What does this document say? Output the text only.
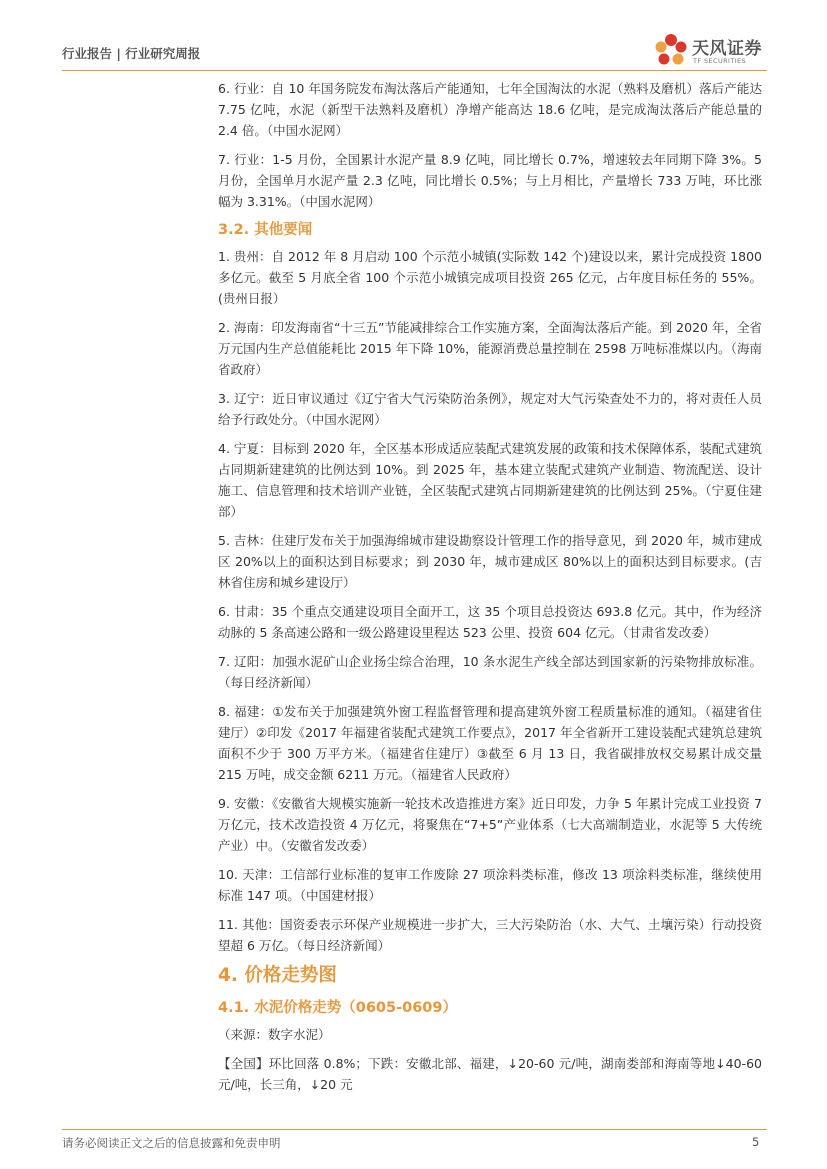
行业报告 | 行业研究周报	天风证券
TF SECURITIES
6. 行业：自 10 年国务院发布淘汰落后产能通知，七年全国淘汰的水泥（熟料及磨机）落后产能达 7.75 亿吨，水泥（新型干法熟料及磨机）净增产能高达 18.6 亿吨，是完成淘汰落后产能总量的 2.4 倍。（中国水泥网）
7. 行业：1-5 月份，全国累计水泥产量 8.9 亿吨，同比增长 0.7%，增速较去年同期下降 3%。5 月份，全国单月水泥产量 2.3 亿吨，同比增长 0.5%；与上月相比，产量增长 733 万吨，环比涨幅为 3.31%。（中国水泥网）
3.2. 其他要闻
1. 贵州：自 2012 年 8 月启动 100 个示范小城镇(实际数 142 个)建设以来，累计完成投资 1800 多亿元。截至 5 月底全省 100 个示范小城镇完成项目投资 265 亿元，占年度目标任务的 55%。(贵州日报）
2. 海南：印发海南省“十三五”节能减排综合工作实施方案，全面淘汰落后产能。到 2020 年，全省万元国内生产总值能耗比 2015 年下降 10%，能源消费总量控制在 2598 万吨标准煤以内。（海南省政府）
3. 辽宁：近日审议通过《辽宁省大气污染防治条例》，规定对大气污染查处不力的，将对责任人员给予行政处分。（中国水泥网）
4. 宁夏：目标到 2020 年，全区基本形成适应装配式建筑发展的政策和技术保障体系，装配式建筑占同期新建建筑的比例达到 10%。到 2025 年，基本建立装配式建筑产业制造、物流配送、设计施工、信息管理和技术培训产业链，全区装配式建筑占同期新建建筑的比例达到 25%。（宁夏住建部）
5. 吉林：住建厅发布关于加强海绵城市建设勘察设计管理工作的指导意见，到 2020 年，城市建成区 20%以上的面积达到目标要求；到 2030 年，城市建成区 80%以上的面积达到目标要求。(吉林省住房和城乡建设厅）
6. 甘肃：35 个重点交通建设项目全面开工，这 35 个项目总投资达 693.8 亿元。其中，作为经济动脉的 5 条高速公路和一级公路建设里程达 523 公里、投资 604 亿元。（甘肃省发改委）
7. 辽阳：加强水泥矿山企业扬尘综合治理，10 条水泥生产线全部达到国家新的污染物排放标准。（每日经济新闻）
8. 福建：①发布关于加强建筑外窗工程监督管理和提高建筑外窗工程质量标准的通知。（福建省住建厅）②印发《2017 年福建省装配式建筑工作要点》，2017 年全省新开工建设装配式建筑总建筑面积不少于 300 万平方米。（福建省住建厅）③截至 6 月 13 日，我省碳排放权交易累计成交量 215 万吨，成交金额 6211 万元。（福建省人民政府）
9. 安徽：《安徽省大规模实施新一轮技术改造推进方案》近日印发，力争 5 年累计完成工业投资 7 万亿元，技术改造投资 4 万亿元，将聚焦在“7+5”产业体系（七大高端制造业，水泥等 5 大传统产业）中。（安徽省发改委）
10. 天津：工信部行业标准的复审工作废除 27 项涂料类标准，修改 13 项涂料类标准，继续使用标准 147 项。（中国建材报）
11. 其他：国资委表示环保产业规模进一步扩大，三大污染防治（水、大气、土壤污染）行动投资望超 6 万亿。（每日经济新闻）
4. 价格走势图
4.1. 水泥价格走势（0605-0609）
（来源：数字水泥）
【全国】环比回落 0.8%；下跌：安徽北部、福建，↓20-60 元/吨，湖南娄部和海南等地↓40-60 元/吨，长三角，↓20 元
请务必阅读正文之后的信息披露和免责申明	5
